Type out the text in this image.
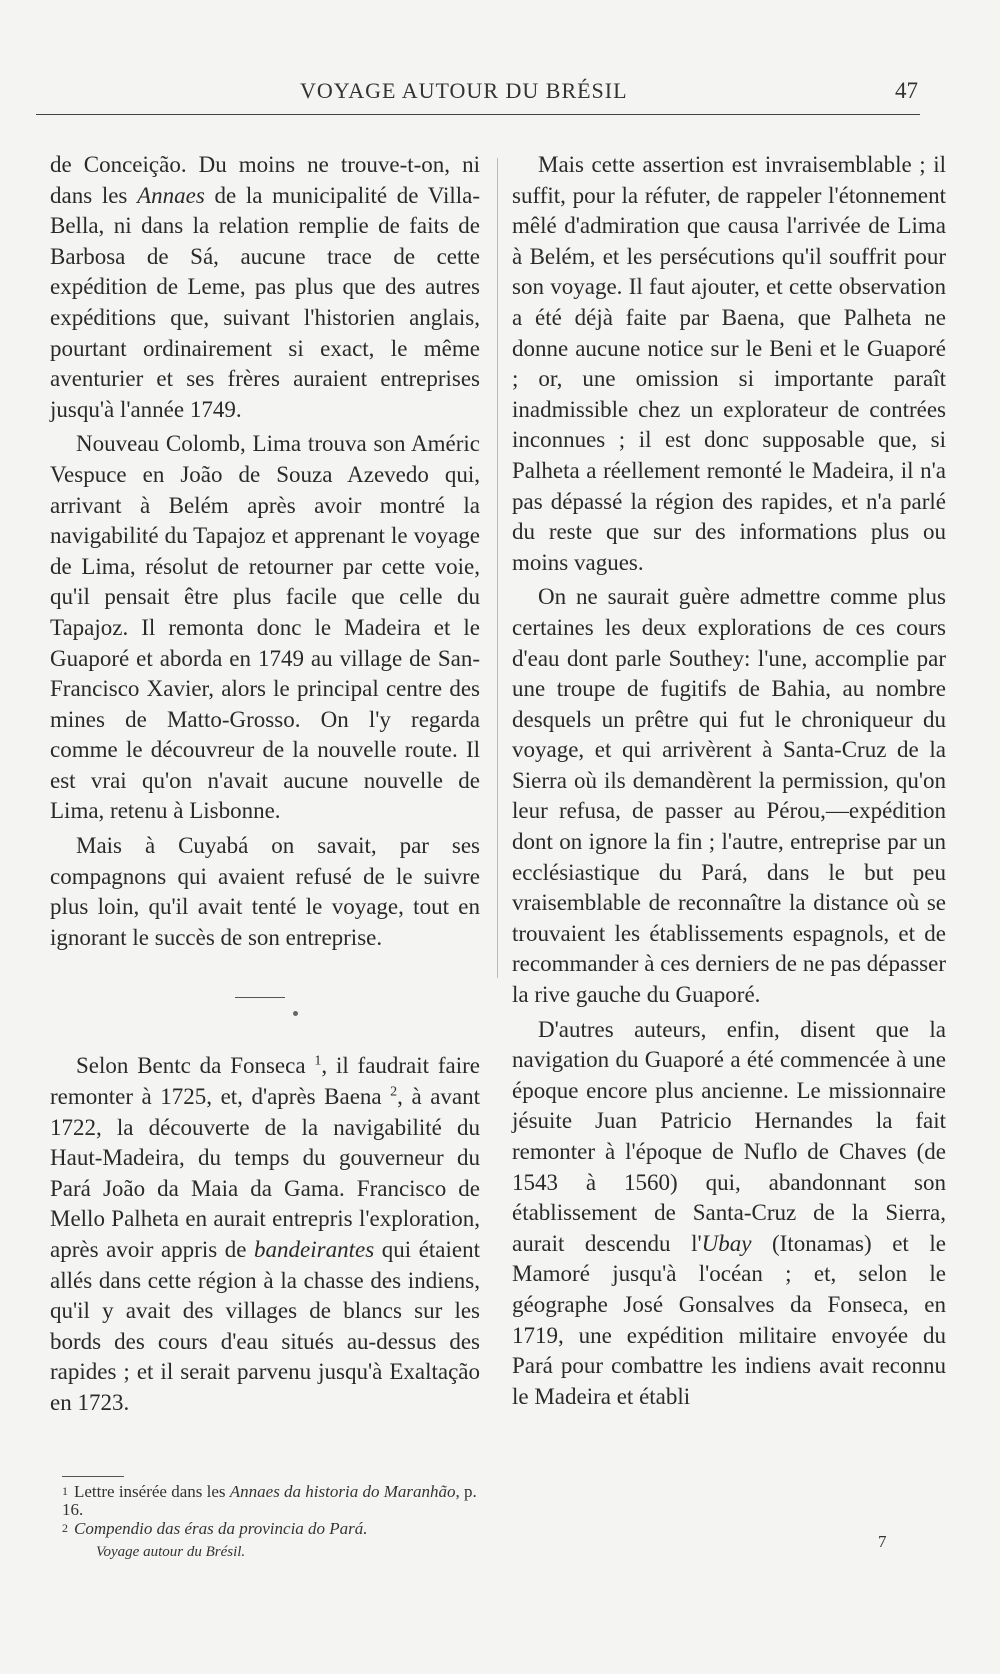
VOYAGE AUTOUR DU BRÉSIL	47

de Conceição. Du moins ne trouve-t-on, ni dans les Annaes de la municipalité de Villa-Bella, ni dans la relation remplie de faits de Barbosa de Sá, aucune trace de cette expédition de Leme, pas plus que des autres expéditions que, suivant l'historien anglais, pourtant ordinairement si exact, le même aventurier et ses frères auraient entreprises jusqu'à l'année 1749.

Nouveau Colomb, Lima trouva son Améric Vespuce en João de Souza Azevedo qui, arrivant à Belém après avoir montré la navigabilité du Tapajoz et apprenant le voyage de Lima, résolut de retourner par cette voie, qu'il pensait être plus facile que celle du Tapajoz. Il remonta donc le Madeira et le Guaporé et aborda en 1749 au village de San-Francisco Xavier, alors le principal centre des mines de Matto-Grosso. On l'y regarda comme le découvreur de la nouvelle route. Il est vrai qu'on n'avait aucune nouvelle de Lima, retenu à Lisbonne.

Mais à Cuyabá on savait, par ses compagnons qui avaient refusé de le suivre plus loin, qu'il avait tenté le voyage, tout en ignorant le succès de son entreprise.

Selon Bentc da Fonseca $^1$, il faudrait faire remonter à 1725, et, d'après Baena $^2$, à avant 1722, la découverte de la navigabilité du Haut-Madeira, du temps du gouverneur du Pará João da Maia da Gama. Francisco de Mello Palheta en aurait entrepris l'exploration, après avoir appris de bandeirantes qui étaient allés dans cette région à la chasse des indiens, qu'il y avait des villages de blancs sur les bords des cours d'eau situés au-dessus des rapides ; et il serait parvenu jusqu'à Exaltação en 1723.

Mais cette assertion est invraisemblable ; il suffit, pour la réfuter, de rappeler l'étonnement mêlé d'admiration que causa l'arrivée de Lima à Belém, et les persécutions qu'il souffrit pour son voyage. Il faut ajouter, et cette observation a été déjà faite par Baena, que Palheta ne donne aucune notice sur le Beni et le Guaporé ; or, une omission si importante paraît inadmissible chez un explorateur de contrées inconnues ; il est donc supposable que, si Palheta a réellement remonté le Madeira, il n'a pas dépassé la région des rapides, et n'a parlé du reste que sur des informations plus ou moins vagues.

On ne saurait guère admettre comme plus certaines les deux explorations de ces cours d'eau dont parle Southey: l'une, accomplie par une troupe de fugitifs de Bahia, au nombre desquels un prêtre qui fut le chroniqueur du voyage, et qui arrivèrent à Santa-Cruz de la Sierra où ils demandèrent la permission, qu'on leur refusa, de passer au Pérou,—expédition dont on ignore la fin ; l'autre, entreprise par un ecclésiastique du Pará, dans le but peu vraisemblable de reconnaître la distance où se trouvaient les établissements espagnols, et de recommander à ces derniers de ne pas dépasser la rive gauche du Guaporé.

D'autres auteurs, enfin, disent que la navigation du Guaporé a été commencée à une époque encore plus ancienne. Le missionnaire jésuite Juan Patricio Hernandes la fait remonter à l'époque de Nuflo de Chaves (de 1543 à 1560) qui, abandonnant son établissement de Santa-Cruz de la Sierra, aurait descendu l'Ubay (Itonamas) et le Mamoré jusqu'à l'océan ; et, selon le géographe José Gonsalves da Fonseca, en 1719, une expédition militaire envoyée du Pará pour combattre les indiens avait reconnu le Madeira et établi

1 Lettre insérée dans les Annaes da historia do Maranhão, p. 16.

2 Compendio das éras da provincia do Pará.

Voyage autour du Brésil.
7
